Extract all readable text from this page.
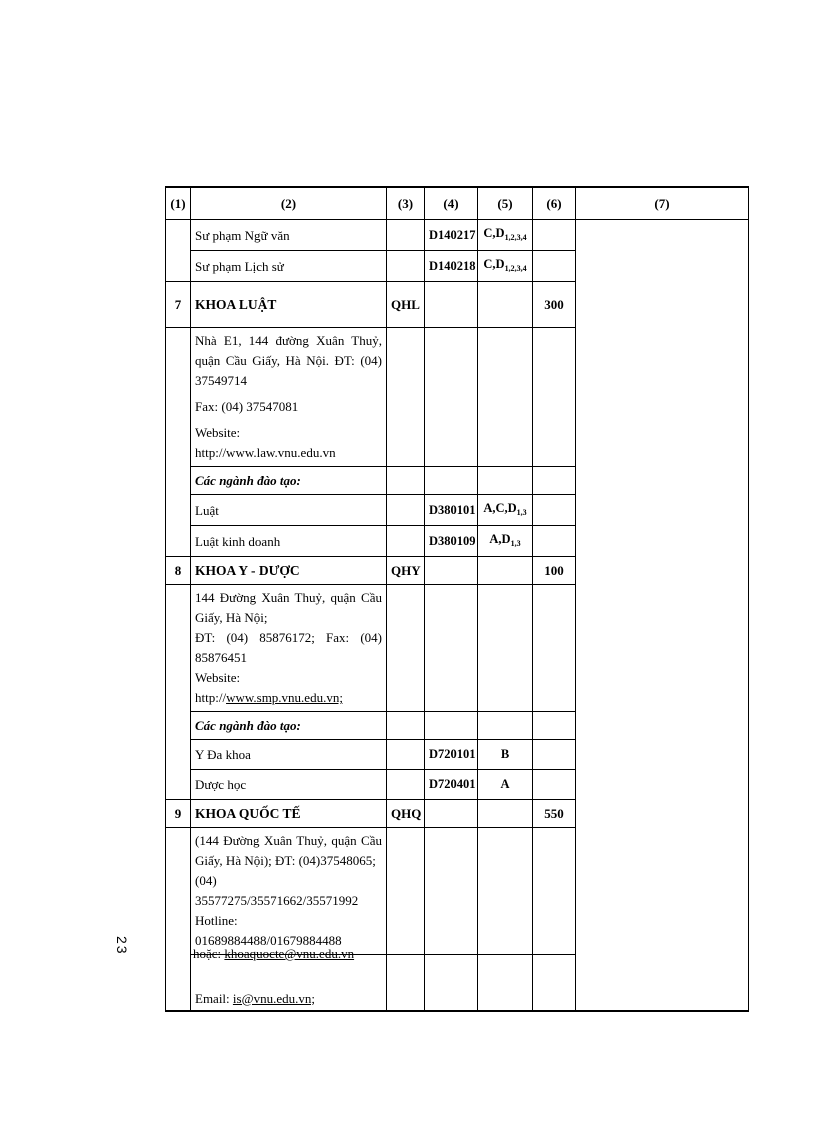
(1)	(2)	(3)	(4)	(5)	(6)	(7)
	Sư phạm Ngữ văn		D140217	$C,D_{1,2,3,4}$		
	Sư phạm Lịch sử		D140218	$C,D_{1,2,3,4}$	
7	KHOA LUẬT	QHL			300	

	Nhà E1, 144 đường Xuân Thuỷ, quận Cầu Giấy, Hà Nội. ĐT: (04) 37549714
Fax: (04) 37547081
Website: http://www.law.vnu.edu.vn					

	Các ngành đào tạo:					
	Luật		D380101	$A,C,D_{1,3}$	
	Luật kinh doanh		D380109	$A,D_{1,3}$	
8	KHOA Y - DƯỢC	QHY			100	

	144 Đường Xuân Thuỷ, quận Cầu Giấy, Hà Nội;
ĐT: (04) 85876172; Fax: (04) 85876451
Website: http://www.smp.vnu.edu.vn;					

	Các ngành đào tạo:					
	Y Đa khoa		D720101	B		
	Dược học		D720401	A		
9	KHOA QUỐC TẾ	QHQ			550	

	(144 Đường Xuân Thuỷ, quận Cầu Giấy, Hà Nội); ĐT: (04)37548065;
(04) 35577275/35571662/35571992
Hotline: 01689884488/01679884488					

	Email: is@vnu.edu.vn;					
hoặc: khoaquocte@vnu.edu.vn
23
